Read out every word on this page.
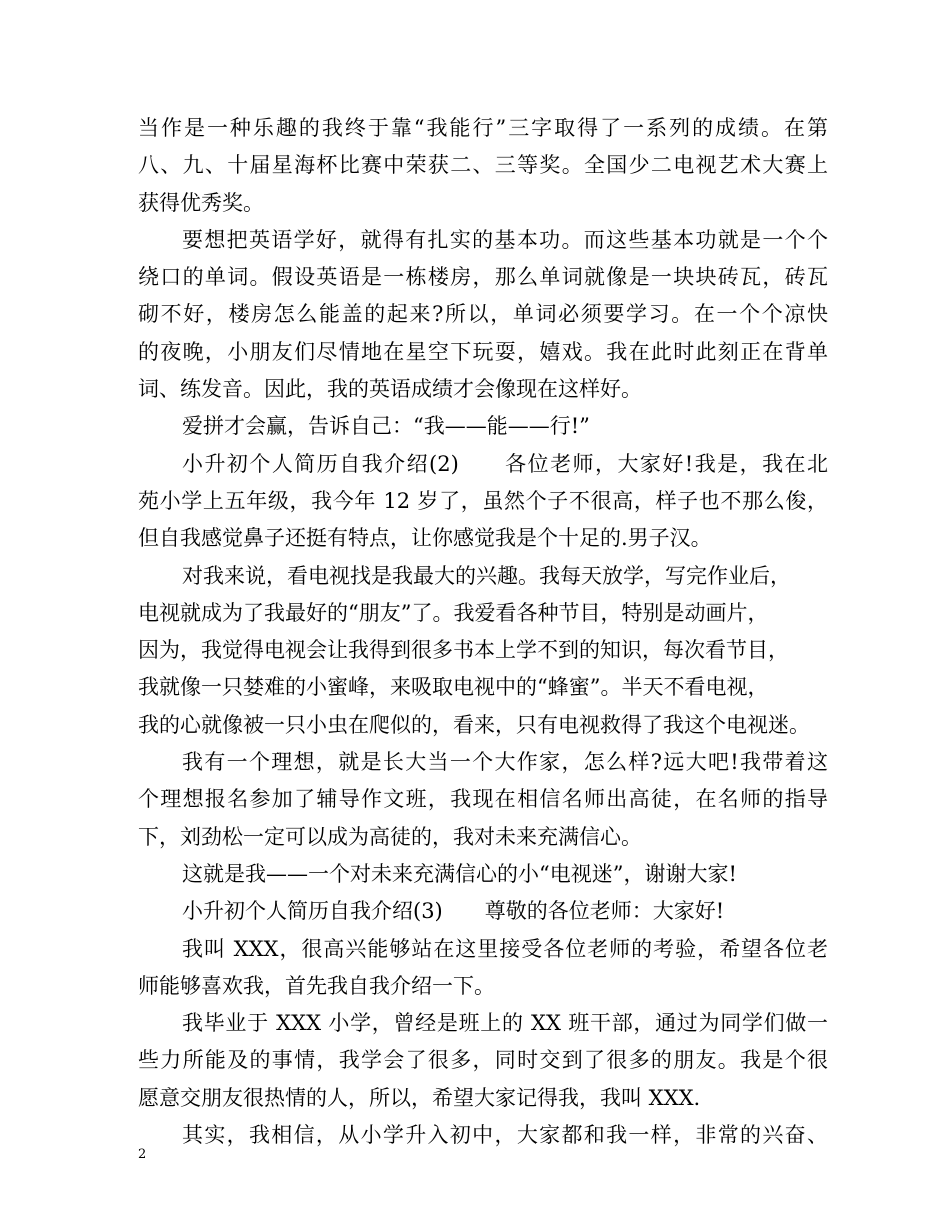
当作是一种乐趣的我终于靠“我能行”三字取得了一系列的成绩。在第
八、九、十届星海杯比赛中荣获二、三等奖。全国少二电视艺术大赛上
获得优秀奖。
要想把英语学好，就得有扎实的基本功。而这些基本功就是一个个
绕口的单词。假设英语是一栋楼房，那么单词就像是一块块砖瓦，砖瓦
砌不好，楼房怎么能盖的起来?所以，单词必须要学习。在一个个凉快
的夜晚，小朋友们尽情地在星空下玩耍，嬉戏。我在此时此刻正在背单
词、练发音。因此，我的英语成绩才会像现在这样好。
爱拼才会赢，告诉自己：“我——能——行!”
小升初个人简历自我介绍(2)　　各位老师，大家好!我是，我在北
苑小学上五年级，我今年 12 岁了，虽然个子不很高，样子也不那么俊，
但自我感觉鼻子还挺有特点，让你感觉我是个十足的.男子汉。
对我来说，看电视找是我最大的兴趣。我每天放学，写完作业后，
电视就成为了我最好的“朋友”了。我爱看各种节目，特别是动画片，
因为，我觉得电视会让我得到很多书本上学不到的知识，每次看节目，
我就像一只婪难的小蜜峰，来吸取电视中的“蜂蜜”。半天不看电视，
我的心就像被一只小虫在爬似的，看来，只有电视救得了我这个电视迷。
我有一个理想，就是长大当一个大作家，怎么样?远大吧!我带着这
个理想报名参加了辅导作文班，我现在相信名师出高徒，在名师的指导
下，刘劲松一定可以成为高徒的，我对未来充满信心。
这就是我——一个对未来充满信心的小“电视迷”，谢谢大家!
小升初个人简历自我介绍(3)　　尊敬的各位老师：大家好!
我叫 XXX，很高兴能够站在这里接受各位老师的考验，希望各位老
师能够喜欢我，首先我自我介绍一下。
我毕业于 XXX 小学，曾经是班上的 XX 班干部，通过为同学们做一
些力所能及的事情，我学会了很多，同时交到了很多的朋友。我是个很
愿意交朋友很热情的人，所以，希望大家记得我，我叫 XXX.
其实，我相信，从小学升入初中，大家都和我一样，非常的兴奋、
2
